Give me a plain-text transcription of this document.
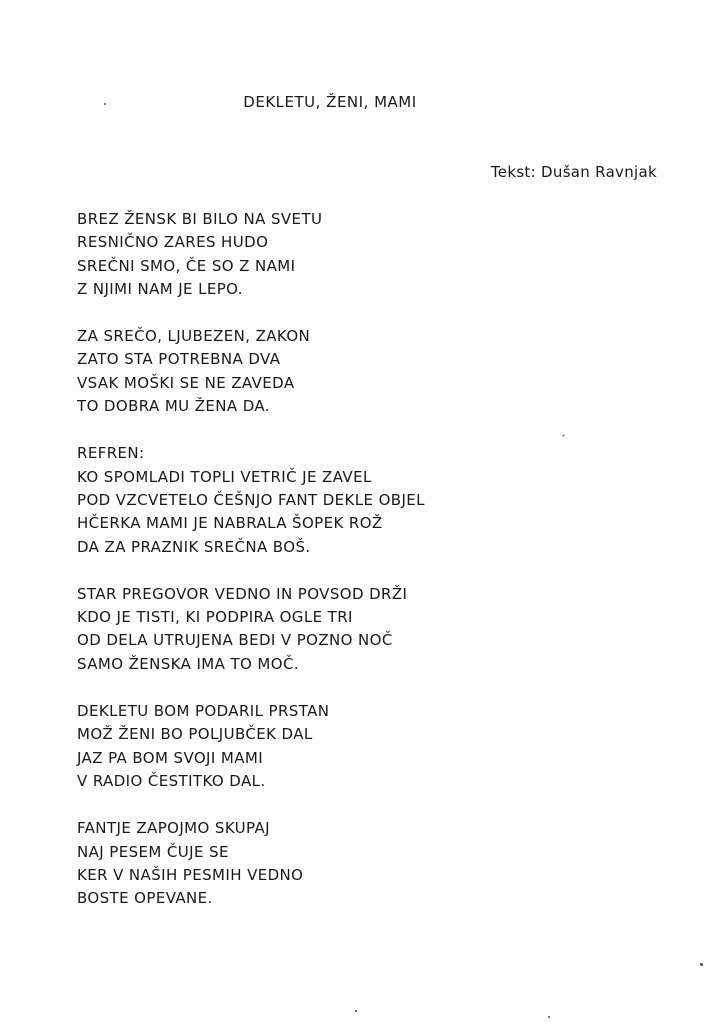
DEKLETU, ŽENI, MAMI
Tekst: Dušan Ravnjak
BREZ ŽENSK BI BILO NA SVETU
RESNIČNO ZARES HUDO
SREČNI SMO, ČE SO Z NAMI
Z NJIMI NAM JE LEPO.
ZA SREČO, LJUBEZEN, ZAKON
ZATO STA POTREBNA DVA
VSAK MOŠKI SE NE ZAVEDA
TO DOBRA MU ŽENA DA.
REFREN:
KO SPOMLADI TOPLI VETRIČ JE ZAVEL
POD VZCVETELO ČEŠNJO FANT DEKLE OBJEL
HČERKA MAMI JE NABRALA ŠOPEK ROŽ
DA ZA PRAZNIK SREČNA BOŠ.
STAR PREGOVOR VEDNO IN POVSOD DRŽI
KDO JE TISTI, KI PODPIRA OGLE TRI
OD DELA UTRUJENA BEDI V POZNO NOČ
SAMO ŽENSKA IMA TO MOČ.
DEKLETU BOM PODARIL PRSTAN
MOŽ ŽENI BO POLJUBČEK DAL
JAZ PA BOM SVOJI MAMI
V RADIO ČESTITKO DAL.
FANTJE ZAPOJMO SKUPAJ
NAJ PESEM ČUJE SE
KER V NAŠIH PESMIH VEDNO
BOSTE OPEVANE.
